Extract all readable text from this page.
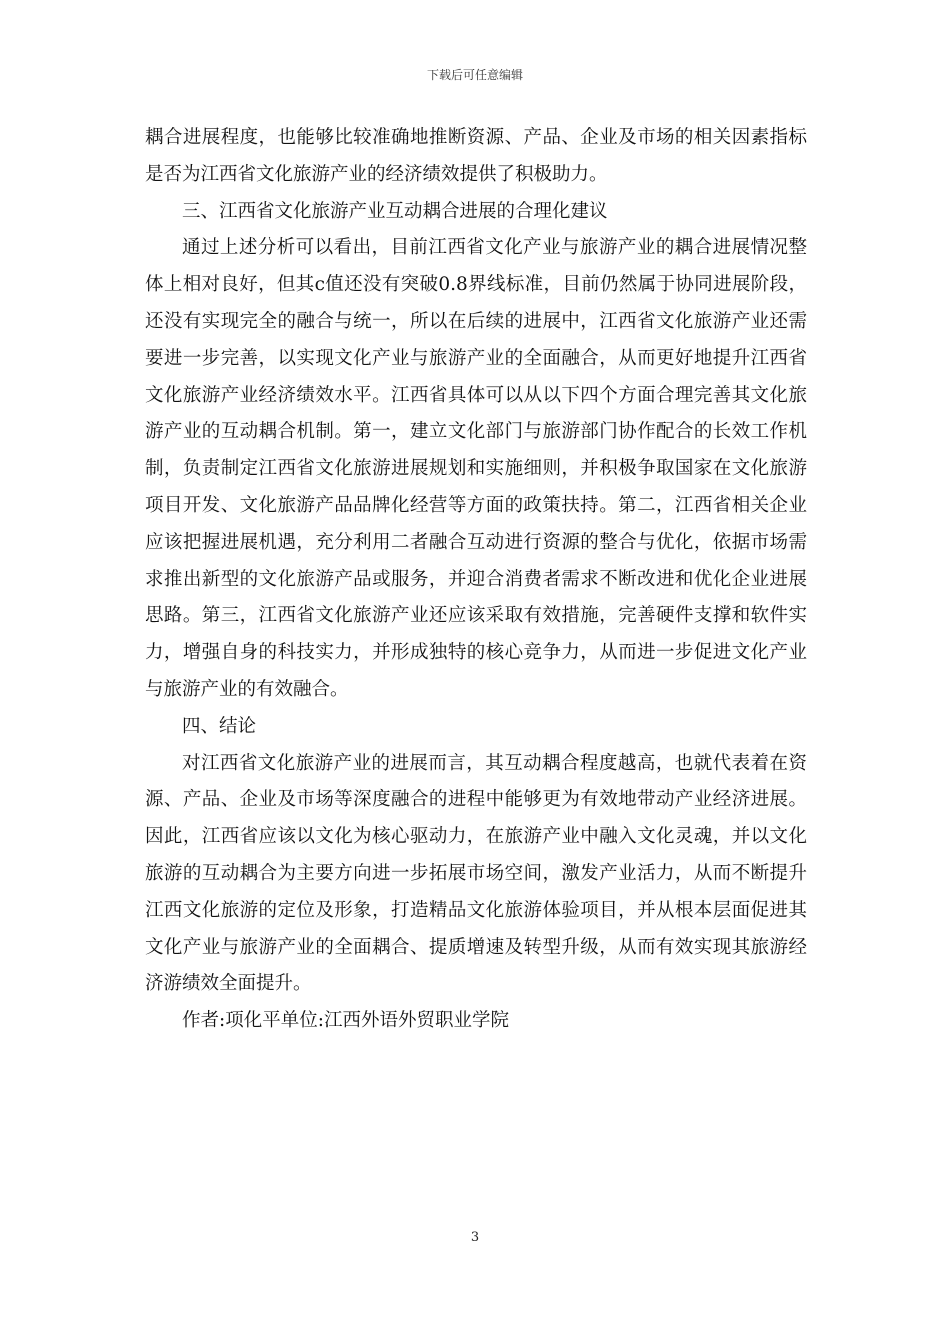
下载后可任意编辑

耦合进展程度，也能够比较准确地推断资源、产品、企业及市场的相关因素指标是否为江西省文化旅游产业的经济绩效提供了积极助力。

三、江西省文化旅游产业互动耦合进展的合理化建议

通过上述分析可以看出，目前江西省文化产业与旅游产业的耦合进展情况整体上相对良好，但其c值还没有突破0.8界线标准，目前仍然属于协同进展阶段，还没有实现完全的融合与统一，所以在后续的进展中，江西省文化旅游产业还需要进一步完善，以实现文化产业与旅游产业的全面融合，从而更好地提升江西省文化旅游产业经济绩效水平。江西省具体可以从以下四个方面合理完善其文化旅游产业的互动耦合机制。第一，建立文化部门与旅游部门协作配合的长效工作机制，负责制定江西省文化旅游进展规划和实施细则，并积极争取国家在文化旅游项目开发、文化旅游产品品牌化经营等方面的政策扶持。第二，江西省相关企业应该把握进展机遇，充分利用二者融合互动进行资源的整合与优化，依据市场需求推出新型的文化旅游产品或服务，并迎合消费者需求不断改进和优化企业进展思路。第三，江西省文化旅游产业还应该采取有效措施，完善硬件支撑和软件实力，增强自身的科技实力，并形成独特的核心竞争力，从而进一步促进文化产业与旅游产业的有效融合。

四、结论

对江西省文化旅游产业的进展而言，其互动耦合程度越高，也就代表着在资源、产品、企业及市场等深度融合的进程中能够更为有效地带动产业经济进展。因此，江西省应该以文化为核心驱动力，在旅游产业中融入文化灵魂，并以文化旅游的互动耦合为主要方向进一步拓展市场空间，激发产业活力，从而不断提升江西文化旅游的定位及形象，打造精品文化旅游体验项目，并从根本层面促进其文化产业与旅游产业的全面耦合、提质增速及转型升级，从而有效实现其旅游经济游绩效全面提升。

作者:项化平单位:江西外语外贸职业学院

3
